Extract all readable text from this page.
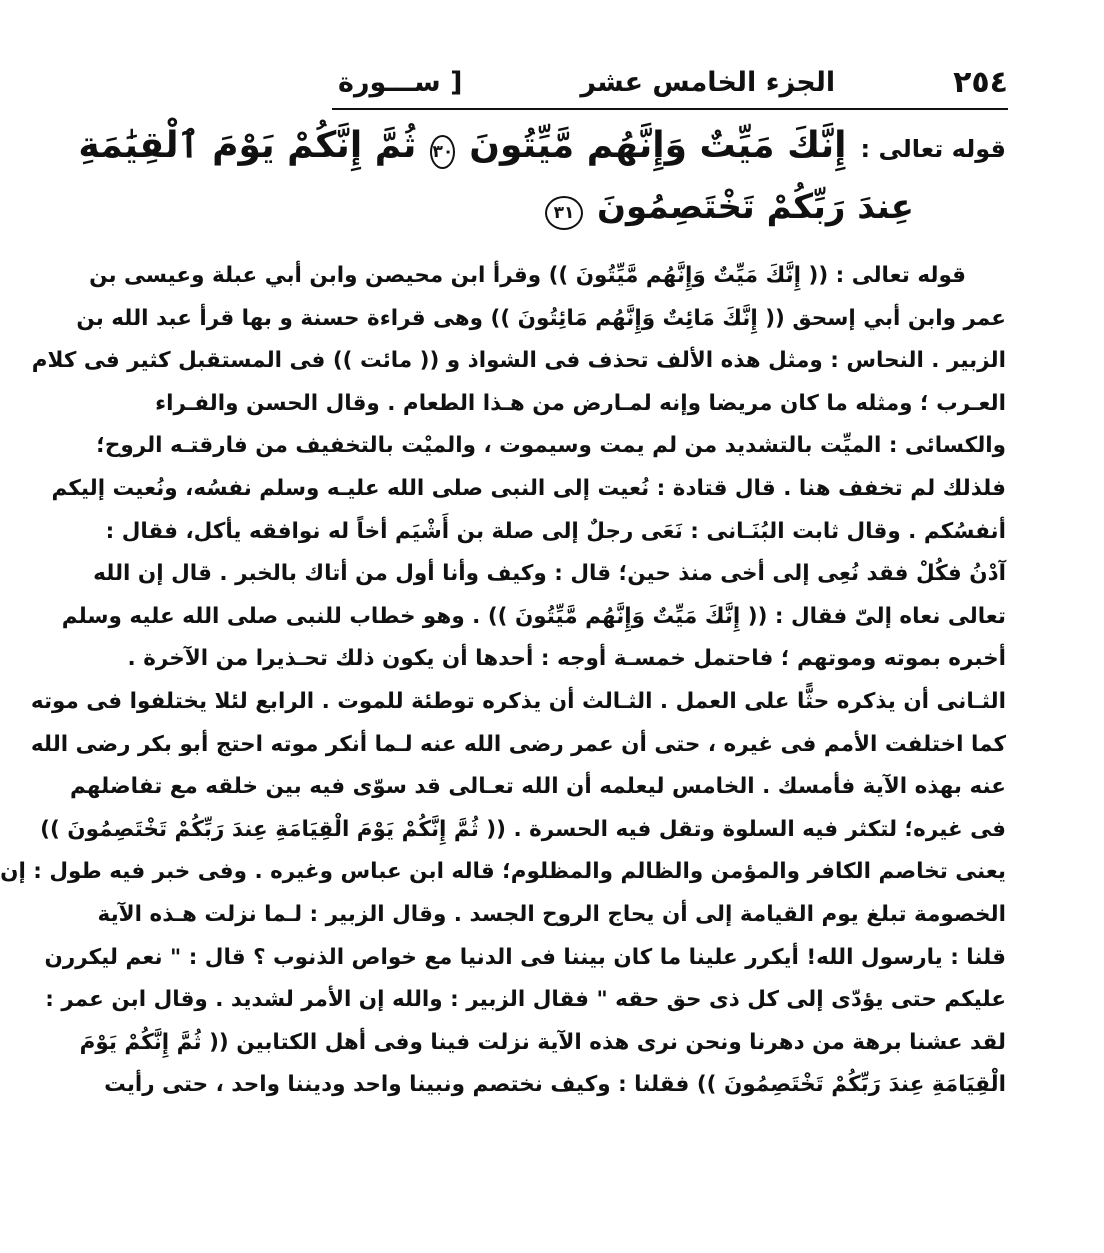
٢٥٤
الجزء الخامس عشر
[ ســـورة
قوله تعالى :
إِنَّكَ مَيِّتٌ وَإِنَّهُم مَّيِّتُونَ
٣٠
ثُمَّ إِنَّكُمْ يَوْمَ ٱلْقِيَٰمَةِ
عِندَ رَبِّكُمْ تَخْتَصِمُونَ
٣١
قوله تعالى : (( إِنَّكَ مَيِّتٌ وَإِنَّهُم مَّيِّتُونَ )) وقرأ ابن محيصن وابن أبي عبلة وعيسى بن
عمر وابن أبي إسحق (( إِنَّكَ مَائِتٌ وَإِنَّهُم مَائِتُونَ )) وهى قراءة حسنة و بها قرأ عبد الله بن
الزبير . النحاس : ومثل هذه الألف تحذف فى الشواذ و (( مائت )) فى المستقبل كثير فى كلام
العـرب ؛ ومثله ما كان مريضا وإنه لمـارض من هـذا الطعام . وقال الحسن والفـراء
والكسائى : الميِّت بالتشديد من لم يمت وسيموت ، والميْت بالتخفيف من فارقتـه الروح؛
فلذلك لم تخفف هنا . قال قتادة : نُعيت إلى النبى صلى الله عليـه وسلم نفسُه، ونُعيت إليكم
أنفسُكم . وقال ثابت البُنَـانى : نَعَى رجلٌ إلى صلة بن أَشْيَم أخاً له نوافقه يأكل، فقال :
آدْنُ فكُلْ فقد نُعِى إلى أخى منذ حين؛ قال : وكيف وأنا أول من أتاك بالخبر . قال إن الله
تعالى نعاه إلىّ فقال : (( إِنَّكَ مَيِّتٌ وَإِنَّهُم مَّيِّتُونَ )) . وهو خطاب للنبى صلى الله عليه وسلم
أخبره بموته وموتهم ؛ فاحتمل خمسـة أوجه : أحدها أن يكون ذلك تحـذيرا من الآخرة .
الثـانى أن يذكره حثًّا على العمل . الثـالث أن يذكره توطئة للموت . الرابع لئلا يختلفوا فى موته
كما اختلفت الأمم فى غيره ، حتى أن عمر رضى الله عنه لـما أنكر موته احتج أبو بكر رضى الله
عنه بهذه الآية فأمسك . الخامس ليعلمه أن الله تعـالى قد سوّى فيه بين خلقه مع تفاضلهم
فى غيره؛ لتكثر فيه السلوة وتقل فيه الحسرة . (( ثُمَّ إِنَّكُمْ يَوْمَ الْقِيَامَةِ عِندَ رَبِّكُمْ تَخْتَصِمُونَ ))
يعنى تخاصم الكافر والمؤمن والظالم والمظلوم؛ قاله ابن عباس وغيره . وفى خبر فيه طول : إن
الخصومة تبلغ يوم القيامة إلى أن يحاج الروح الجسد . وقال الزبير : لـما نزلت هـذه الآية
قلنا : يارسول الله! أيكرر علينا ما كان بيننا فى الدنيا مع خواص الذنوب ؟ قال : " نعم ليكررن
عليكم حتى يؤدّى إلى كل ذى حق حقه " فقال الزبير : والله إن الأمر لشديد . وقال ابن عمر :
لقد عشنا برهة من دهرنا ونحن نرى هذه الآية نزلت فينا وفى أهل الكتابين (( ثُمَّ إِنَّكُمْ يَوْمَ
الْقِيَامَةِ عِندَ رَبِّكُمْ تَخْتَصِمُونَ )) فقلنا : وكيف نختصم ونبينا واحد وديننا واحد ، حتى رأيت
